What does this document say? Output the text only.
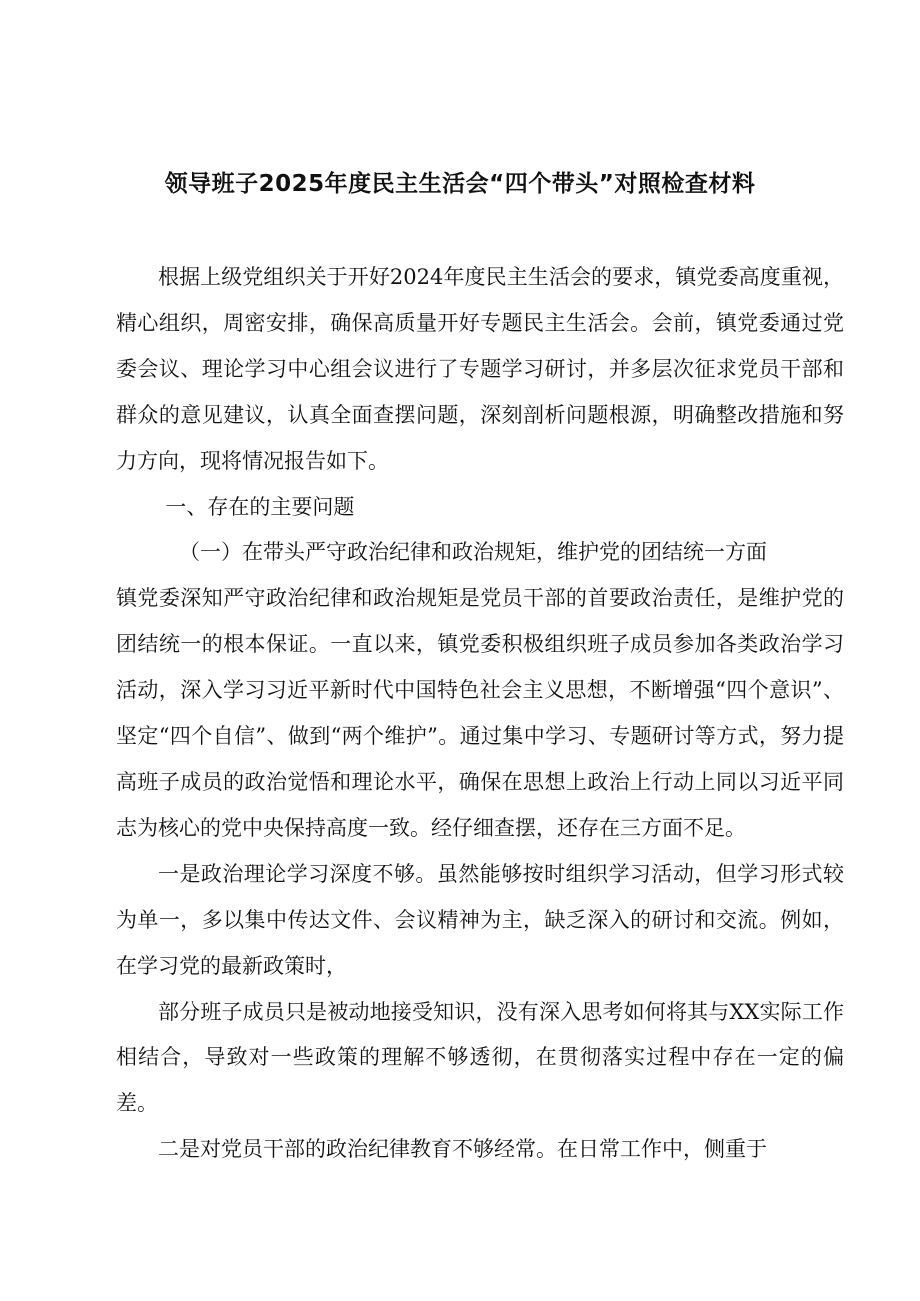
领导班子2025年度民主生活会“四个带头”对照检查材料

根据上级党组织关于开好2024年度民主生活会的要求，镇党委高度重视，精心组织，周密安排，确保高质量开好专题民主生活会。会前，镇党委通过党委会议、理论学习中心组会议进行了专题学习研讨，并多层次征求党员干部和群众的意见建议，认真全面查摆问题，深刻剖析问题根源，明确整改措施和努力方向，现将情况报告如下。

一、存在的主要问题

（一）在带头严守政治纪律和政治规矩，维护党的团结统一方面

镇党委深知严守政治纪律和政治规矩是党员干部的首要政治责任，是维护党的团结统一的根本保证。一直以来，镇党委积极组织班子成员参加各类政治学习活动，深入学习习近平新时代中国特色社会主义思想，不断增强“四个意识”、坚定“四个自信”、做到“两个维护”。通过集中学习、专题研讨等方式，努力提高班子成员的政治觉悟和理论水平，确保在思想上政治上行动上同以习近平同志为核心的党中央保持高度一致。经仔细查摆，还存在三方面不足。

一是政治理论学习深度不够。虽然能够按时组织学习活动，但学习形式较为单一，多以集中传达文件、会议精神为主，缺乏深入的研讨和交流。例如，在学习党的最新政策时，

部分班子成员只是被动地接受知识，没有深入思考如何将其与XX实际工作相结合，导致对一些政策的理解不够透彻，在贯彻落实过程中存在一定的偏差。

二是对党员干部的政治纪律教育不够经常。在日常工作中，侧重于
